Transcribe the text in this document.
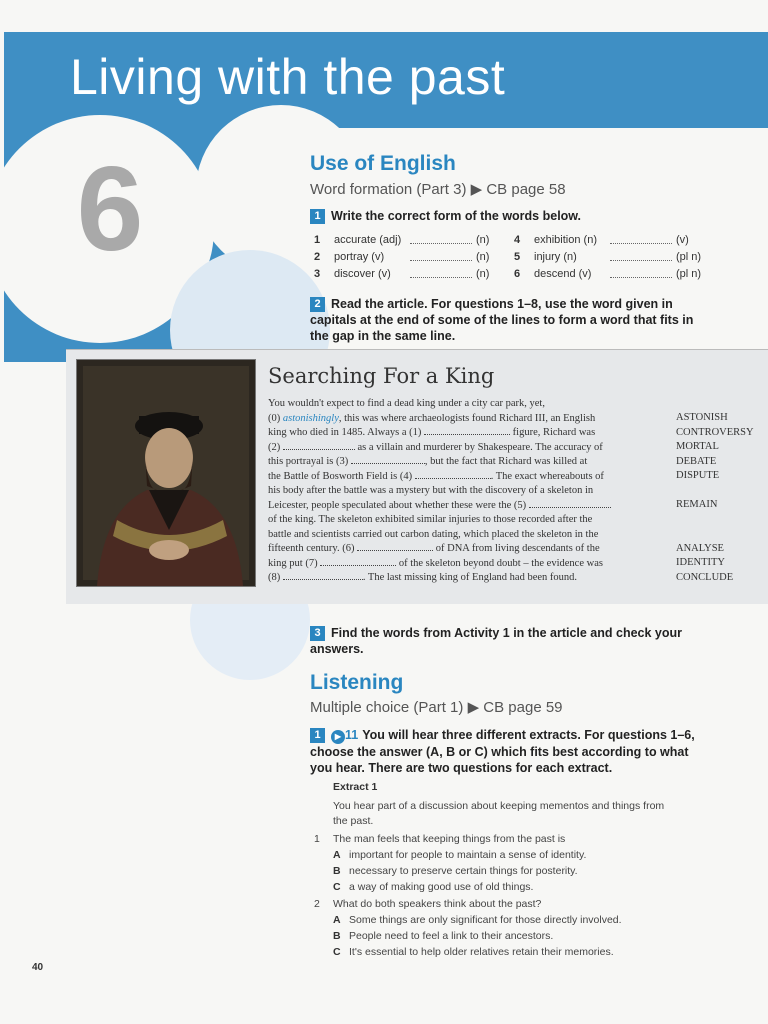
Living with the past
6	Use of English
Word formation (Part 3) ▶ CB page 58
1 Write the correct form of the words below.
1	accurate (adj)	(n)	4	exhibition (n)	(v)
2	portray (v)	(n)	5	injury (n)	(pl n)
3	discover (v)	(n)	6	descend (v)	(pl n)
2 Read the article. For questions 1–8, use the word given in capitals at the end of some of the lines to form a word that fits in the gap in the same line.
Searching For a King
You wouldn't expect to find a dead king under a city car park, yet,
(0) astonishingly, this was where archaeologists found Richard III, an English
king who died in 1485. Always a (1)	figure, Richard was
(2)	as a villain and murderer by Shakespeare. The accuracy of
this portrayal is (3)	, but the fact that Richard was killed at
the Battle of Bosworth Field is (4)	. The exact whereabouts of
his body after the battle was a mystery but with the discovery of a skeleton in
Leicester, people speculated about whether these were the (5)
of the king. The skeleton exhibited similar injuries to those recorded after the
battle and scientists carried out carbon dating, which placed the skeleton in the
fifteenth century. (6)	of DNA from living descendants of the
king put (7)	of the skeleton beyond doubt – the evidence was
(8)	. The last missing king of England had been found.
ASTONISH
CONTROVERSY
MORTAL
DEBATE
DISPUTE
REMAIN
ANALYSE
IDENTITY
CONCLUDE
3 Find the words from Activity 1 in the article and check your answers.
Listening
Multiple choice (Part 1) ▶ CB page 59
1 ▶ 11 You will hear three different extracts. For questions 1–6, choose the answer (A, B or C) which fits best according to what you hear. There are two questions for each extract.
Extract 1
You hear part of a discussion about keeping mementos and things from
the past.
1	The man feels that keeping things from the past is
A important for people to maintain a sense of identity.
B necessary to preserve certain things for posterity.
C a way of making good use of old things.
2	What do both speakers think about the past?
A Some things are only significant for those directly involved.
B People need to feel a link to their ancestors.
C It's essential to help older relatives retain their memories.
40
